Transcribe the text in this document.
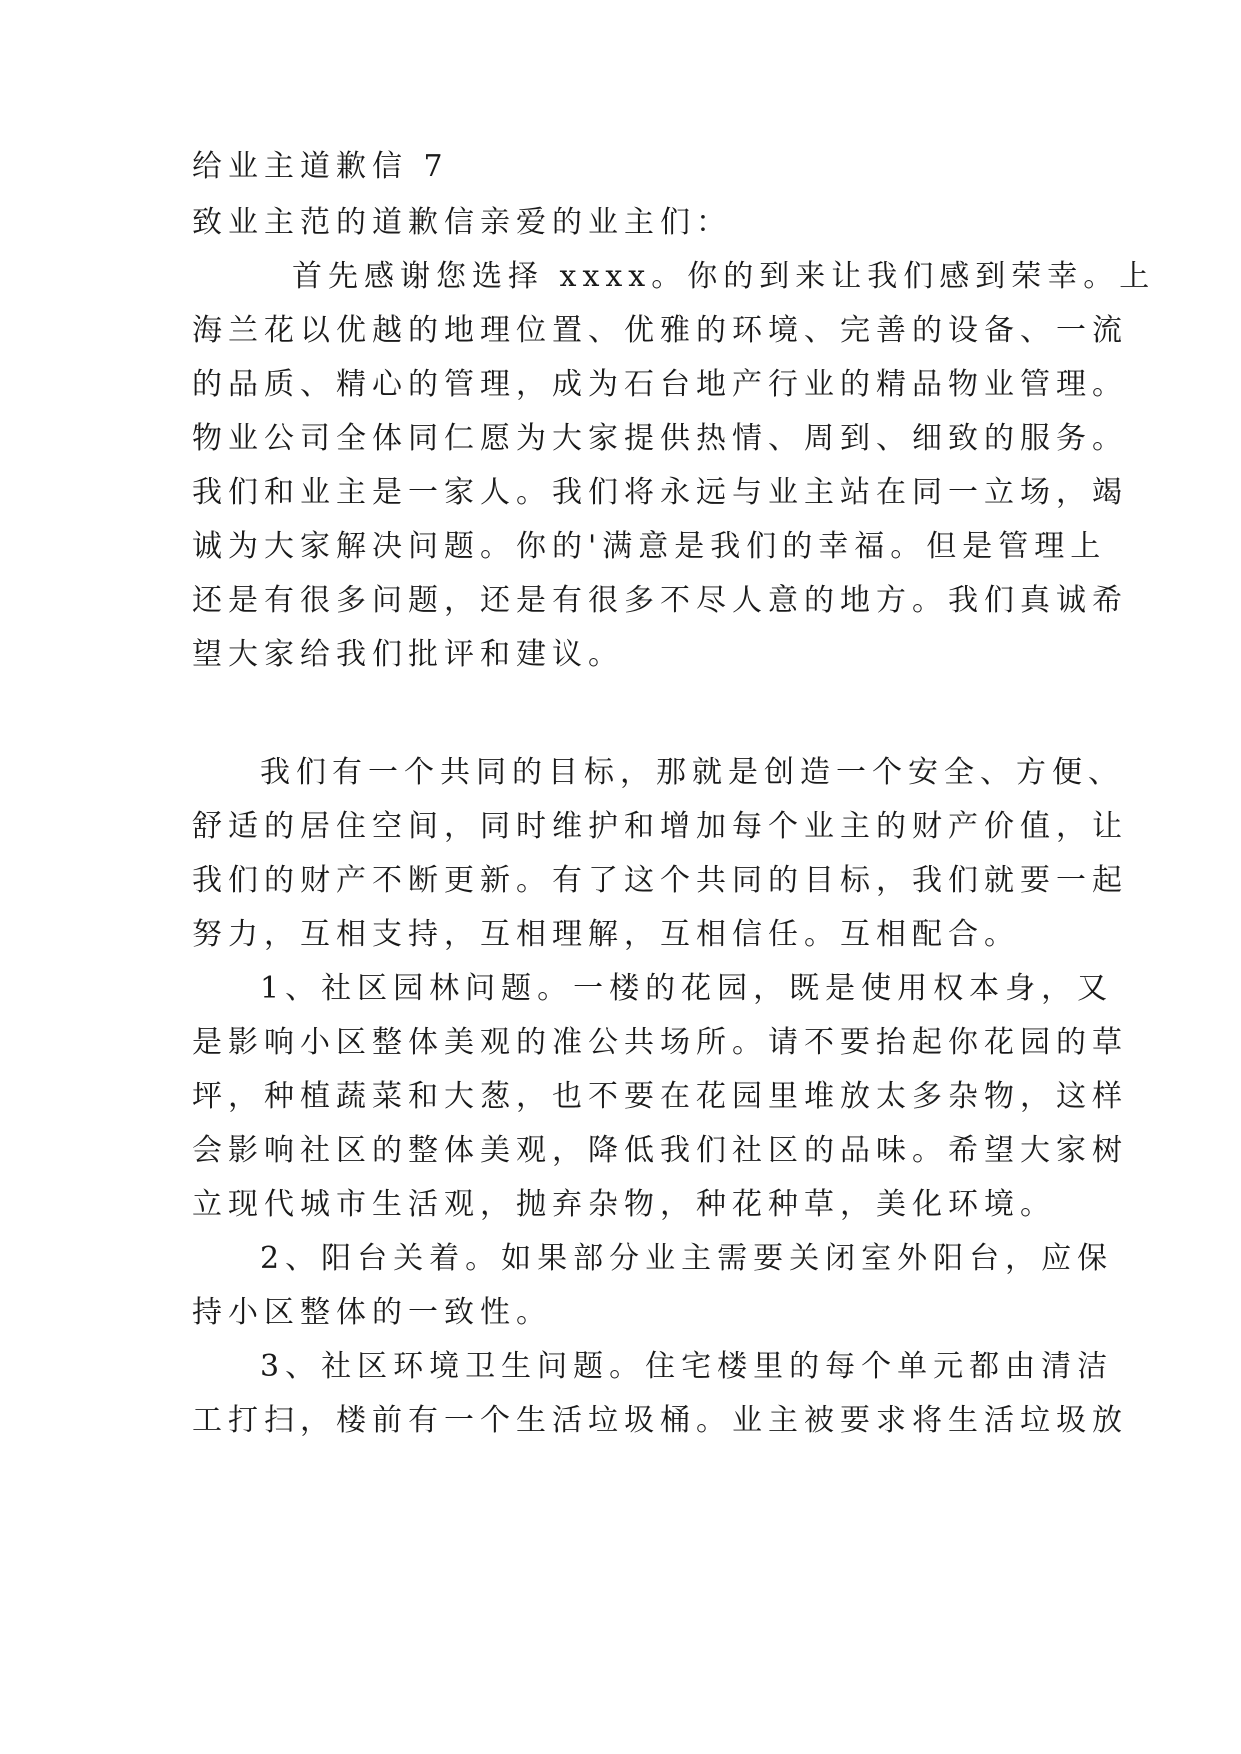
给业主道歉信 7

致业主范的道歉信亲爱的业主们：

首先感谢您选择 xxxx。你的到来让我们感到荣幸。上

海兰花以优越的地理位置、优雅的环境、完善的设备、一流

的品质、精心的管理，成为石台地产行业的精品物业管理。

物业公司全体同仁愿为大家提供热情、周到、细致的服务。

我们和业主是一家人。我们将永远与业主站在同一立场，竭

诚为大家解决问题。你的'满意是我们的幸福。但是管理上

还是有很多问题，还是有很多不尽人意的地方。我们真诚希

望大家给我们批评和建议。

我们有一个共同的目标，那就是创造一个安全、方便、

舒适的居住空间，同时维护和增加每个业主的财产价值，让

我们的财产不断更新。有了这个共同的目标，我们就要一起

努力，互相支持，互相理解，互相信任。互相配合。

1、社区园林问题。一楼的花园，既是使用权本身，又

是影响小区整体美观的准公共场所。请不要抬起你花园的草

坪，种植蔬菜和大葱，也不要在花园里堆放太多杂物，这样

会影响社区的整体美观，降低我们社区的品味。希望大家树

立现代城市生活观，抛弃杂物，种花种草，美化环境。

2、阳台关着。如果部分业主需要关闭室外阳台，应保

持小区整体的一致性。

3、社区环境卫生问题。住宅楼里的每个单元都由清洁

工打扫，楼前有一个生活垃圾桶。业主被要求将生活垃圾放
